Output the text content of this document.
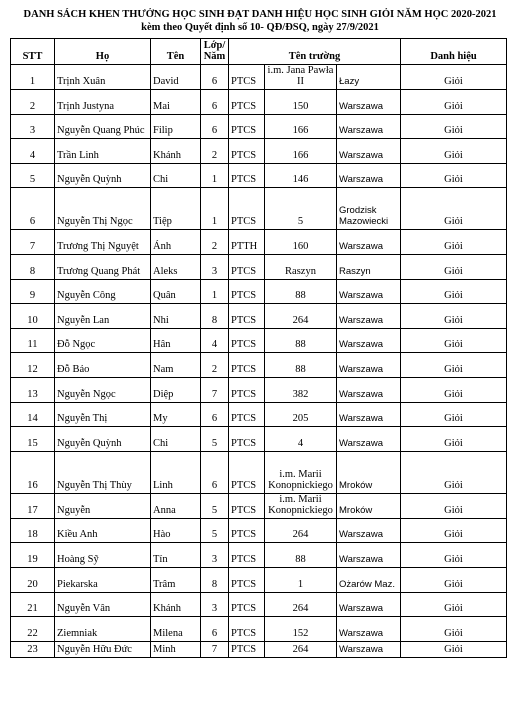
DANH SÁCH KHEN THƯỞNG HỌC SINH ĐẠT DANH HIỆU HỌC SINH GIỎI NĂM HỌC 2020-2021
kèm theo Quyết định số 10- QĐ/ĐSQ, ngày 27/9/2021
STT	Họ	Tên	Lớp/ Năm	Tên trường			Danh hiệu
1	Trịnh Xuân	David	6	PTCS	i.m. Jana Pawła II	Łazy	Giỏi
2	Trịnh Justyna	Mai	6	PTCS	150	Warszawa	Giỏi
3	Nguyễn Quang Phúc	Filip	6	PTCS	166	Warszawa	Giỏi
4	Trần Linh	Khánh	2	PTCS	166	Warszawa	Giỏi
5	Nguyễn Quỳnh	Chi	1	PTCS	146	Warszawa	Giỏi
6	Nguyễn Thị Ngọc	Tiệp	1	PTCS	5	Grodzisk Mazowiecki	Giỏi
7	Trương Thị Nguyệt	Ánh	2	PTTH	160	Warszawa	Giỏi
8	Trương Quang Phát	Aleks	3	PTCS	Raszyn	Raszyn	Giỏi
9	Nguyễn Công	Quân	1	PTCS	88	Warszawa	Giỏi
10	Nguyễn Lan	Nhi	8	PTCS	264	Warszawa	Giỏi
11	Đỗ Ngọc	Hân	4	PTCS	88	Warszawa	Giỏi
12	Đỗ Bảo	Nam	2	PTCS	88	Warszawa	Giỏi
13	Nguyễn Ngọc	Diệp	7	PTCS	382	Warszawa	Giỏi
14	Nguyễn Thị	My	6	PTCS	205	Warszawa	Giỏi
15	Nguyễn Quỳnh	Chi	5	PTCS	4	Warszawa	Giỏi
16	Nguyễn Thị Thùy	Linh	6	PTCS	i.m. Marii Konopnickiego	Mroków	Giỏi
17	Nguyễn	Anna	5	PTCS	i.m. Marii Konopnickiego	Mroków	Giỏi
18	Kiều Anh	Hào	5	PTCS	264	Warszawa	Giỏi
19	Hoàng Sỹ	Tín	3	PTCS	88	Warszawa	Giỏi
20	Piekarska	Trâm	8	PTCS	1	Ożarów Maz.	Giỏi
21	Nguyễn Vân	Khánh	3	PTCS	264	Warszawa	Giỏi
22	Ziemniak	Milena	6	PTCS	152	Warszawa	Giỏi
23	Nguyễn Hữu Đức	Minh	7	PTCS	264	Warszawa	Giỏi
